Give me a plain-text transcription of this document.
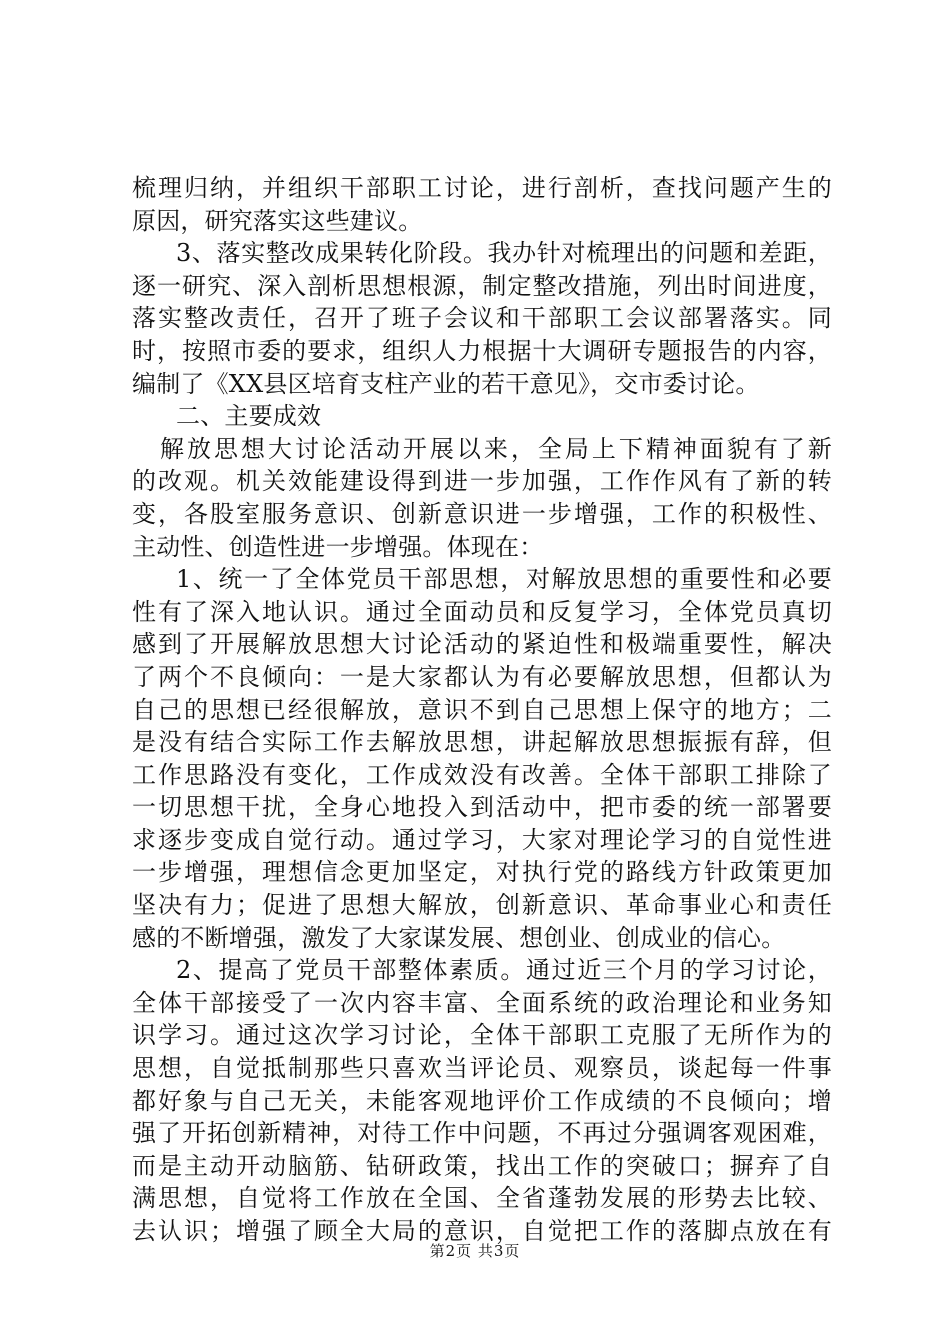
梳理归纳，并组织干部职工讨论，进行剖析，查找问题产生的
原因，研究落实这些建议。
3、落实整改成果转化阶段。我办针对梳理出的问题和差距，
逐一研究、深入剖析思想根源，制定整改措施，列出时间进度，
落实整改责任，召开了班子会议和干部职工会议部署落实。同
时，按照市委的要求，组织人力根据十大调研专题报告的内容，
编制了《XX县区培育支柱产业的若干意见》，交市委讨论。
二、主要成效
解放思想大讨论活动开展以来，全局上下精神面貌有了新
的改观。机关效能建设得到进一步加强，工作作风有了新的转
变，各股室服务意识、创新意识进一步增强，工作的积极性、
主动性、创造性进一步增强。体现在：
1、统一了全体党员干部思想，对解放思想的重要性和必要
性有了深入地认识。通过全面动员和反复学习，全体党员真切
感到了开展解放思想大讨论活动的紧迫性和极端重要性，解决
了两个不良倾向：一是大家都认为有必要解放思想，但都认为
自己的思想已经很解放，意识不到自己思想上保守的地方；二
是没有结合实际工作去解放思想，讲起解放思想振振有辞，但
工作思路没有变化，工作成效没有改善。全体干部职工排除了
一切思想干扰，全身心地投入到活动中，把市委的统一部署要
求逐步变成自觉行动。通过学习，大家对理论学习的自觉性进
一步增强，理想信念更加坚定，对执行党的路线方针政策更加
坚决有力；促进了思想大解放，创新意识、革命事业心和责任
感的不断增强，激发了大家谋发展、想创业、创成业的信心。
2、提高了党员干部整体素质。通过近三个月的学习讨论，
全体干部接受了一次内容丰富、全面系统的政治理论和业务知
识学习。通过这次学习讨论，全体干部职工克服了无所作为的
思想，自觉抵制那些只喜欢当评论员、观察员，谈起每一件事
都好象与自己无关，未能客观地评价工作成绩的不良倾向；增
强了开拓创新精神，对待工作中问题，不再过分强调客观困难，
而是主动开动脑筋、钻研政策，找出工作的突破口；摒弃了自
满思想，自觉将工作放在全国、全省蓬勃发展的形势去比较、
去认识；增强了顾全大局的意识，自觉把工作的落脚点放在有
第2页 共3页
